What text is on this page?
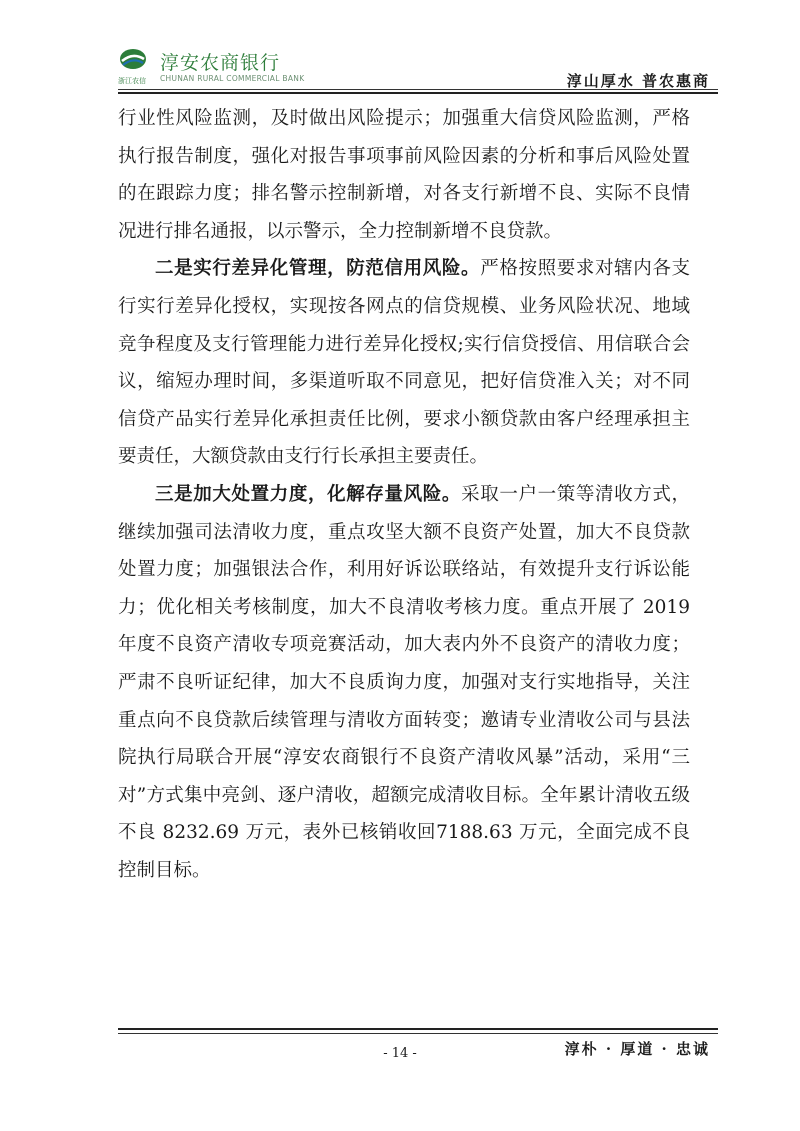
浙江农信
淳安农商银行
CHUNAN RURAL COMMERCIAL BANK	淳山厚水 普农惠商

行业性风险监测，及时做出风险提示；加强重大信贷风险监测，严格执行报告制度，强化对报告事项事前风险因素的分析和事后风险处置的在跟踪力度；排名警示控制新增，对各支行新增不良、实际不良情况进行排名通报，以示警示，全力控制新增不良贷款。

二是实行差异化管理，防范信用风险。严格按照要求对辖内各支行实行差异化授权，实现按各网点的信贷规模、业务风险状况、地域竞争程度及支行管理能力进行差异化授权;实行信贷授信、用信联合会议，缩短办理时间，多渠道听取不同意见，把好信贷准入关；对不同信贷产品实行差异化承担责任比例，要求小额贷款由客户经理承担主要责任，大额贷款由支行行长承担主要责任。

三是加大处置力度，化解存量风险。采取一户一策等清收方式，继续加强司法清收力度，重点攻坚大额不良资产处置，加大不良贷款处置力度；加强银法合作，利用好诉讼联络站，有效提升支行诉讼能力；优化相关考核制度，加大不良清收考核力度。重点开展了 2019 年度不良资产清收专项竞赛活动，加大表内外不良资产的清收力度；严肃不良听证纪律，加大不良质询力度，加强对支行实地指导，关注重点向不良贷款后续管理与清收方面转变；邀请专业清收公司与县法院执行局联合开展“淳安农商银行不良资产清收风暴”活动，采用“三对”方式集中亮剑、逐户清收，超额完成清收目标。全年累计清收五级不良 8232.69 万元，表外已核销收回7188.63 万元，全面完成不良控制目标。

- 14 -	淳朴 · 厚道 · 忠诚
